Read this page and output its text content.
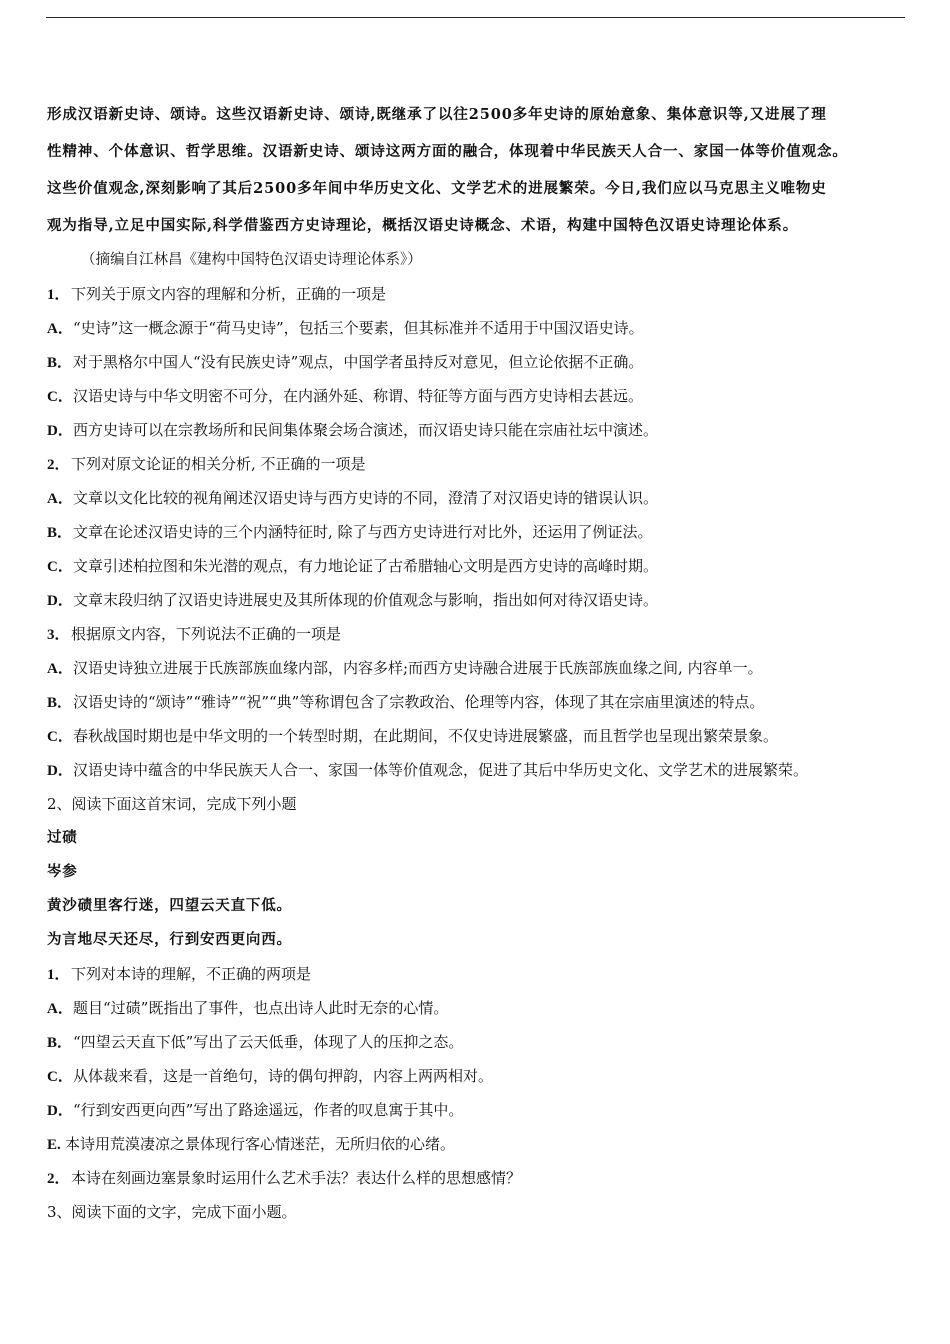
形成汉语新史诗、颂诗。这些汉语新史诗、颂诗,既继承了以往2500多年史诗的原始意象、集体意识等,又进展了理
性精神、个体意识、哲学思维。汉语新史诗、颂诗这两方面的融合，体现着中华民族天人合一、家国一体等价值观念。
这些价值观念,深刻影响了其后2500多年间中华历史文化、文学艺术的进展繁荣。今日,我们应以马克思主义唯物史
观为指导,立足中国实际,科学借鉴西方史诗理论，概括汉语史诗概念、术语，构建中国特色汉语史诗理论体系。
（摘编自江林昌《建构中国特色汉语史诗理论体系》）
1．下列关于原文内容的理解和分析，正确的一项是
A．“史诗”这一概念源于“荷马史诗”，包括三个要素，但其标准并不适用于中国汉语史诗。
B．对于黑格尔中国人“没有民族史诗”观点，中国学者虽持反对意见，但立论依据不正确。
C．汉语史诗与中华文明密不可分，在内涵外延、称谓、特征等方面与西方史诗相去甚远。
D．西方史诗可以在宗教场所和民间集体聚会场合演述，而汉语史诗只能在宗庙社坛中演述。
2．下列对原文论证的相关分析, 不正确的一项是
A．文章以文化比较的视角阐述汉语史诗与西方史诗的不同，澄清了对汉语史诗的错误认识。
B．文章在论述汉语史诗的三个内涵特征时, 除了与西方史诗进行对比外，还运用了例证法。
C．文章引述柏拉图和朱光潜的观点，有力地论证了古希腊轴心文明是西方史诗的高峰时期。
D．文章末段归纳了汉语史诗进展史及其所体现的价值观念与影响，指出如何对待汉语史诗。
3．根据原文内容，下列说法不正确的一项是
A．汉语史诗独立进展于氏族部族血缘内部，内容多样;而西方史诗融合进展于氏族部族血缘之间, 内容单一。
B．汉语史诗的“颂诗”“雅诗”“祝”“典”等称谓包含了宗教政治、伦理等内容，体现了其在宗庙里演述的特点。
C．春秋战国时期也是中华文明的一个转型时期，在此期间，不仅史诗进展繁盛，而且哲学也呈现出繁荣景象。
D．汉语史诗中蕴含的中华民族天人合一、家国一体等价值观念，促进了其后中华历史文化、文学艺术的进展繁荣。
2、阅读下面这首宋词，完成下列小题
过碛
岑参
黄沙碛里客行迷，四望云天直下低。
为言地尽天还尽，行到安西更向西。
1．下列对本诗的理解，不正确的两项是
A．题目“过碛”既指出了事件，也点出诗人此时无奈的心情。
B．“四望云天直下低”写出了云天低垂，体现了人的压抑之态。
C．从体裁来看，这是一首绝句，诗的偶句押韵，内容上两两相对。
D．“行到安西更向西”写出了路途遥远，作者的叹息寓于其中。
E.本诗用荒漠凄凉之景体现行客心情迷茫，无所归依的心绪。
2．本诗在刻画边塞景象时运用什么艺术手法？表达什么样的思想感情？
3、阅读下面的文字，完成下面小题。
